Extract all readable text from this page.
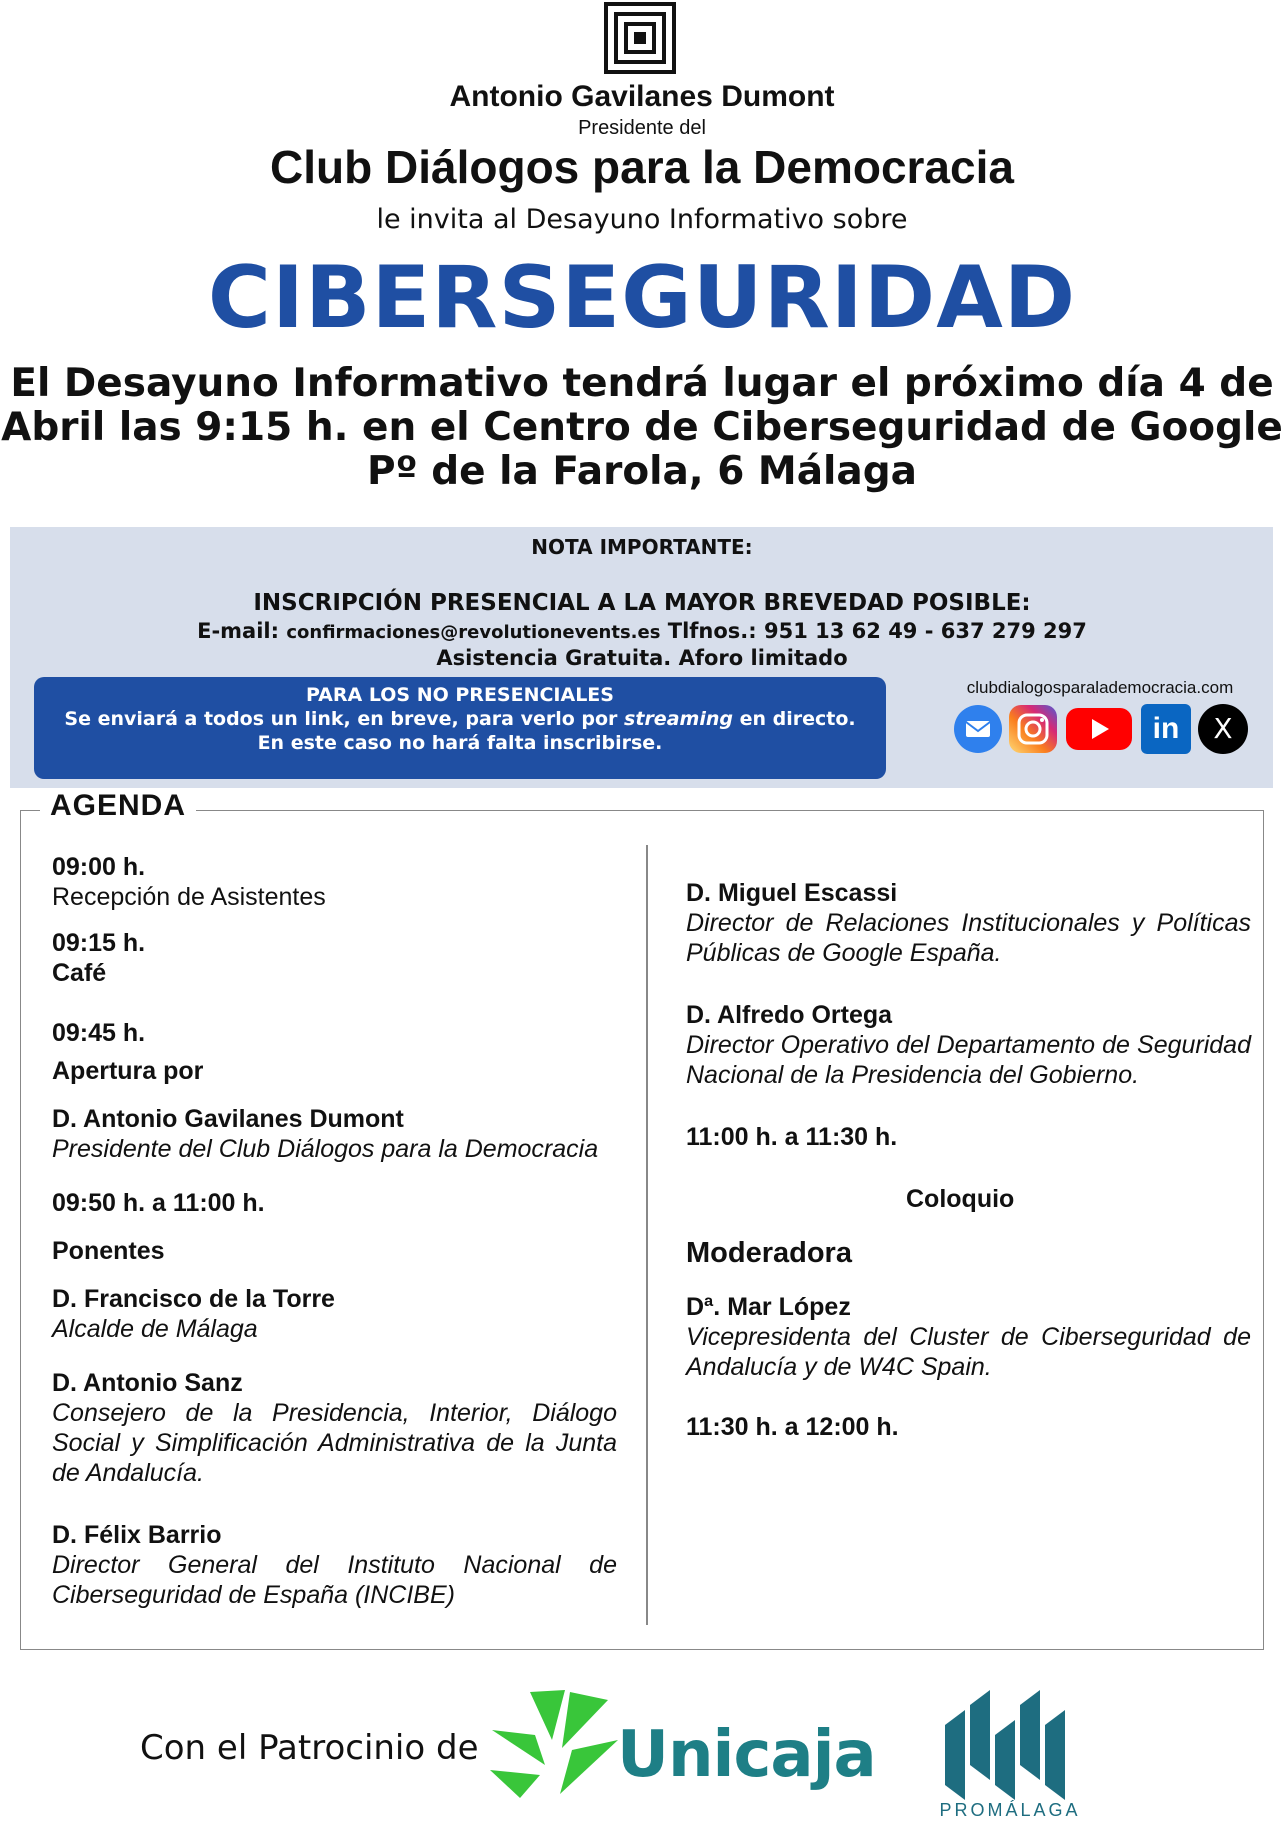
Antonio Gavilanes Dumont
Presidente del
Club Diálogos para la Democracia
le invita al Desayuno Informativo sobre
CIBERSEGURIDAD
El Desayuno Informativo tendrá lugar el próximo día 4 de
Abril las 9:15 h. en el Centro de Ciberseguridad de Google
Pº de la Farola, 6 Málaga
NOTA IMPORTANTE:
INSCRIPCIÓN PRESENCIAL A LA MAYOR BREVEDAD POSIBLE:
E-mail: confirmaciones@revolutionevents.es Tlfnos.: 951 13 62 49 - 637 279 297
Asistencia Gratuita. Aforo limitado
PARA LOS NO PRESENCIALES
Se enviará a todos un link, en breve, para verlo por streaming en directo.
En este caso no hará falta inscribirse.
clubdialogosparalademocracia.com
in	X
AGENDA

09:00 h.

Recepción de Asistentes

09:15 h.

Café

09:45 h.

Apertura por

D. Antonio Gavilanes Dumont

Presidente del Club Diálogos para la Democracia

09:50 h. a 11:00 h.

Ponentes

D. Francisco de la Torre

Alcalde de Málaga

D. Antonio Sanz

Consejero de la Presidencia, Interior, Diálogo Social y Simplificación Administrativa de la Junta de Andalucía.

D. Félix Barrio

Director General del Instituto Nacional de Ciberseguridad de España (INCIBE)

D. Miguel Escassi

Director de Relaciones Institucionales y Políticas Públicas de Google España.

D. Alfredo Ortega

Director Operativo del Departamento de Seguridad Nacional de la Presidencia del Gobierno.

11:00 h. a 11:30 h.

Coloquio

Moderadora

Dª. Mar López

Vicepresidenta del Cluster de Ciberseguridad de Andalucía y de W4C Spain.

11:30 h. a 12:00 h.

Con el Patrocinio de Unicaja
PROMÁLAGA
